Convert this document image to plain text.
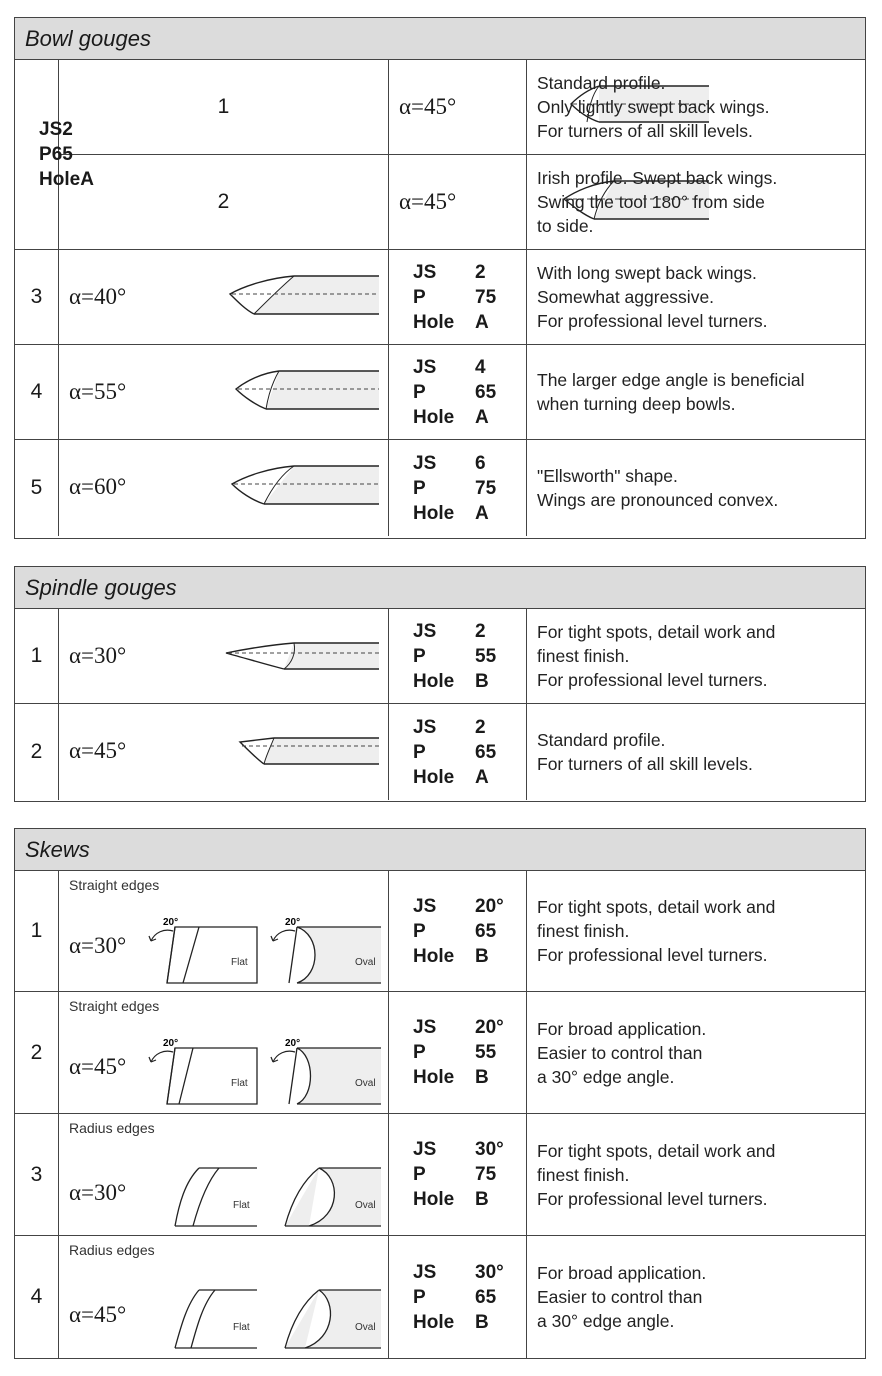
Bowl gouges
1	α=45°
JS 2
P 65
Hole A
Standard profile.
Only lightly swept back wings.
For turners of all skill levels.
2	α=45°
Irish profile. Swept back wings.
Swing the tool 180° from side
to side.
3	α=40°
JS	2
P	75
Hole	A
With long swept back wings.
Somewhat aggressive.
For professional level turners.
4	α=55°
JS	4
P	65
Hole	A
The larger edge angle is beneficial
when turning deep bowls.
5	α=60°
JS	6
P	75
Hole	A
"Ellsworth" shape.
Wings are pronounced convex.
Spindle gouges
1	α=30°
JS	2
P	55
Hole	B
For tight spots, detail work and
finest finish.
For professional level turners.
2	α=45°
JS	2
P	65
Hole	A
Standard profile.
For turners of all skill levels.
Skews
1
Straight edges
α=30°
20°
Flat
20°
Oval
JS	20°
P	65
Hole	B
For tight spots, detail work and
finest finish.
For professional level turners.
2
Straight edges
α=45°
20°
Flat
20°
Oval
JS	20°
P	55
Hole	B
For broad application.
Easier to control than
a 30° edge angle.
3
Radius edges
α=30°
Flat	Oval
JS	30°
P	75
Hole	B
For tight spots, detail work and
finest finish.
For professional level turners.
4
Radius edges
α=45°
Flat	Oval
JS	30°
P	65
Hole	B
For broad application.
Easier to control than
a 30° edge angle.
